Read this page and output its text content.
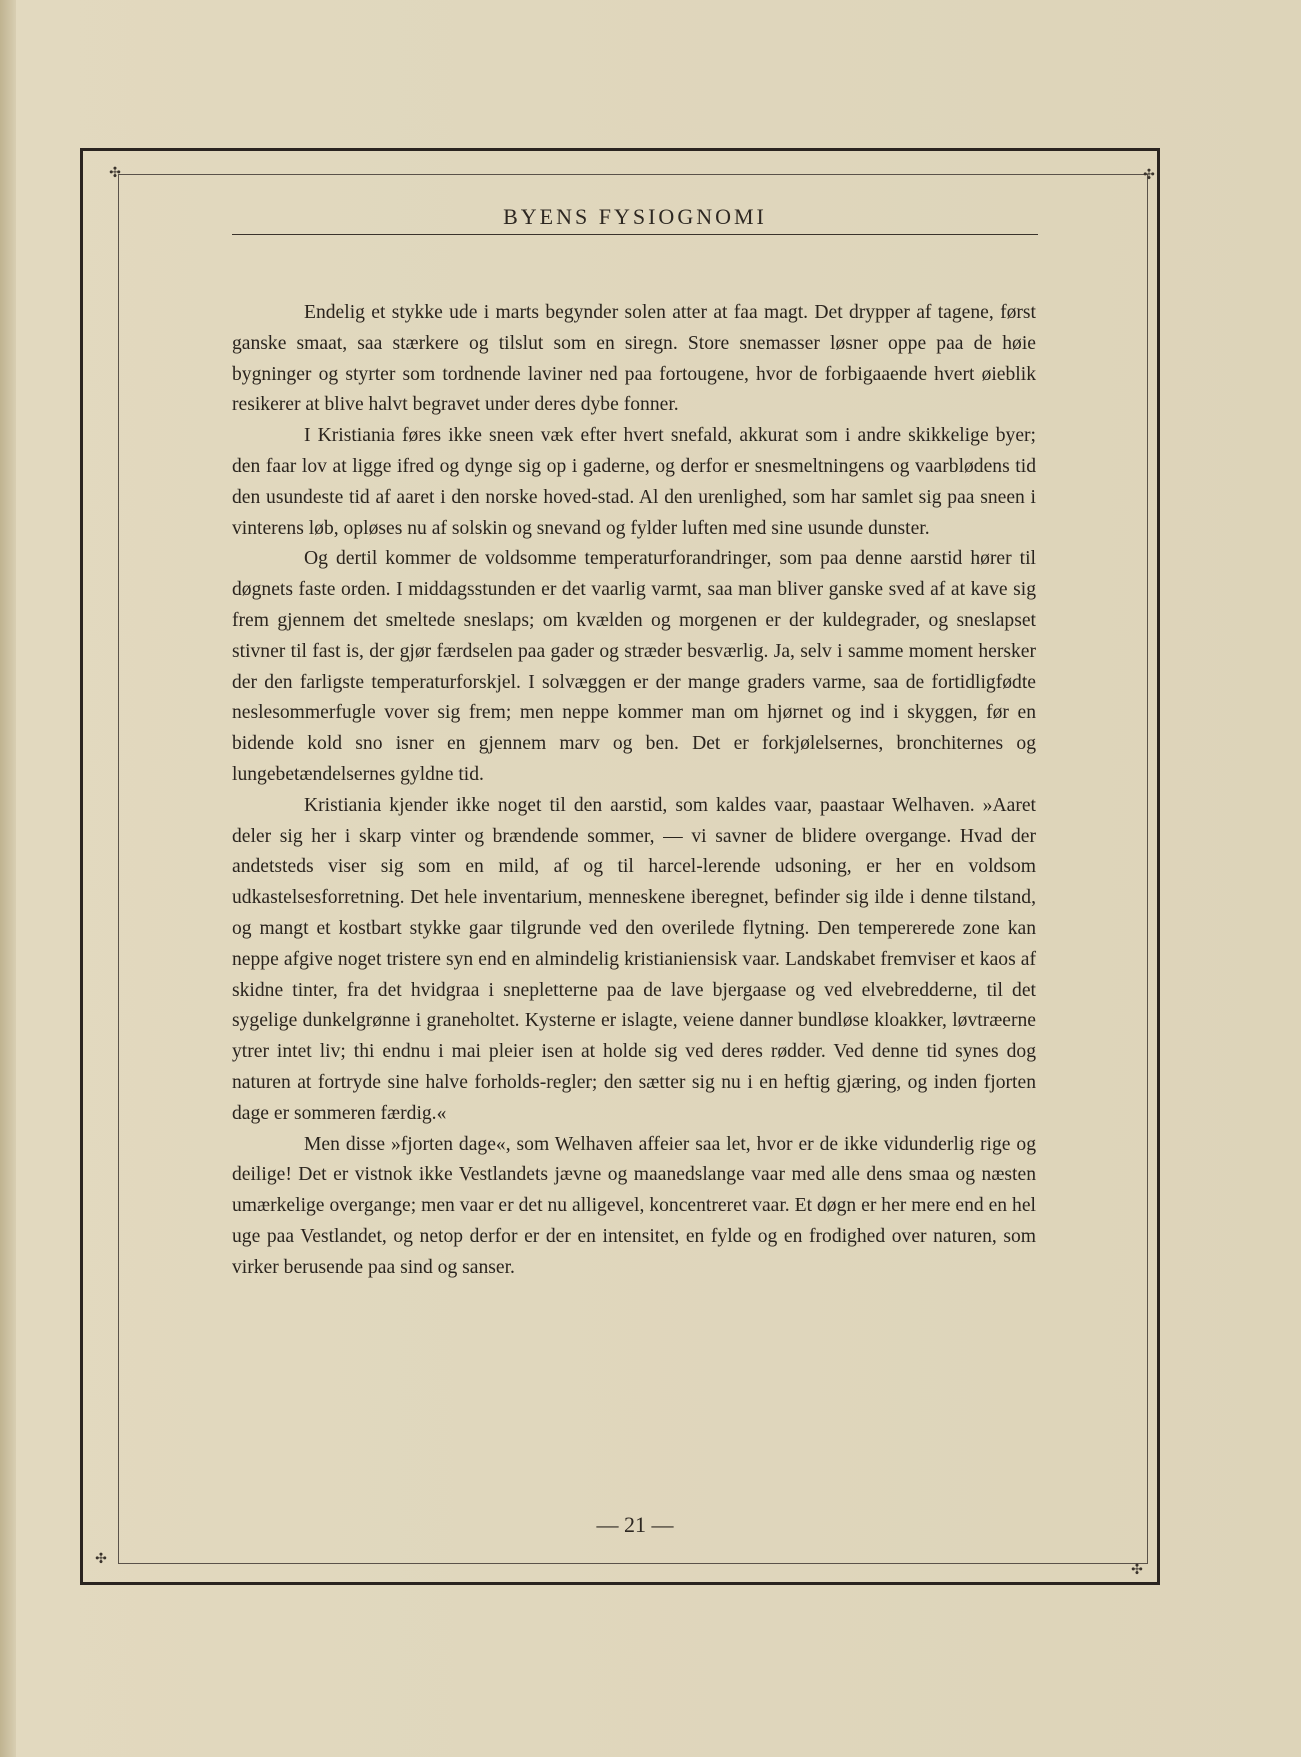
✣	✣
✣
✣
BYENS FYSIOGNOMI

Endelig et stykke ude i marts begynder solen atter at faa magt. Det drypper af tagene, først ganske smaat, saa stærkere og tilslut som en siregn. Store snemasser løsner oppe paa de høie bygninger og styrter som tordnende laviner ned paa fortougene, hvor de forbigaaende hvert øieblik resikerer at blive halvt begravet under deres dybe fonner.

I Kristiania føres ikke sneen væk efter hvert snefald, akkurat som i andre skikkelige byer; den faar lov at ligge ifred og dynge sig op i gaderne, og derfor er snesmeltningens og vaarblødens tid den usundeste tid af aaret i den norske hoved-stad. Al den urenlighed, som har samlet sig paa sneen i vinterens løb, opløses nu af solskin og snevand og fylder luften med sine usunde dunster.

Og dertil kommer de voldsomme temperaturforandringer, som paa denne aarstid hører til døgnets faste orden. I middagsstunden er det vaarlig varmt, saa man bliver ganske sved af at kave sig frem gjennem det smeltede sneslaps; om kvælden og morgenen er der kuldegrader, og sneslapset stivner til fast is, der gjør færdselen paa gader og stræder besværlig. Ja, selv i samme moment hersker der den farligste temperaturforskjel. I solvæggen er der mange graders varme, saa de fortidligfødte neslesommerfugle vover sig frem; men neppe kommer man om hjørnet og ind i skyggen, før en bidende kold sno isner en gjennem marv og ben. Det er forkjølelsernes, bronchiternes og lungebetændelsernes gyldne tid.

Kristiania kjender ikke noget til den aarstid, som kaldes vaar, paastaar Welhaven. »Aaret deler sig her i skarp vinter og brændende sommer, — vi savner de blidere overgange. Hvad der andetsteds viser sig som en mild, af og til harcel-lerende udsoning, er her en voldsom udkastelsesforretning. Det hele inventarium, menneskene iberegnet, befinder sig ilde i denne tilstand, og mangt et kostbart stykke gaar tilgrunde ved den overilede flytning. Den tempererede zone kan neppe afgive noget tristere syn end en almindelig kristianiensisk vaar. Landskabet fremviser et kaos af skidne tinter, fra det hvidgraa i snepletterne paa de lave bjergaase og ved elvebredderne, til det sygelige dunkelgrønne i graneholtet. Kysterne er islagte, veiene danner bundløse kloakker, løvtræerne ytrer intet liv; thi endnu i mai pleier isen at holde sig ved deres rødder. Ved denne tid synes dog naturen at fortryde sine halve forholds-regler; den sætter sig nu i en heftig gjæring, og inden fjorten dage er sommeren færdig.«

Men disse »fjorten dage«, som Welhaven affeier saa let, hvor er de ikke vidunderlig rige og deilige! Det er vistnok ikke Vestlandets jævne og maanedslange vaar med alle dens smaa og næsten umærkelige overgange; men vaar er det nu alligevel, koncentreret vaar. Et døgn er her mere end en hel uge paa Vestlandet, og netop derfor er der en intensitet, en fylde og en frodighed over naturen, som virker berusende paa sind og sanser.

— 21 —
